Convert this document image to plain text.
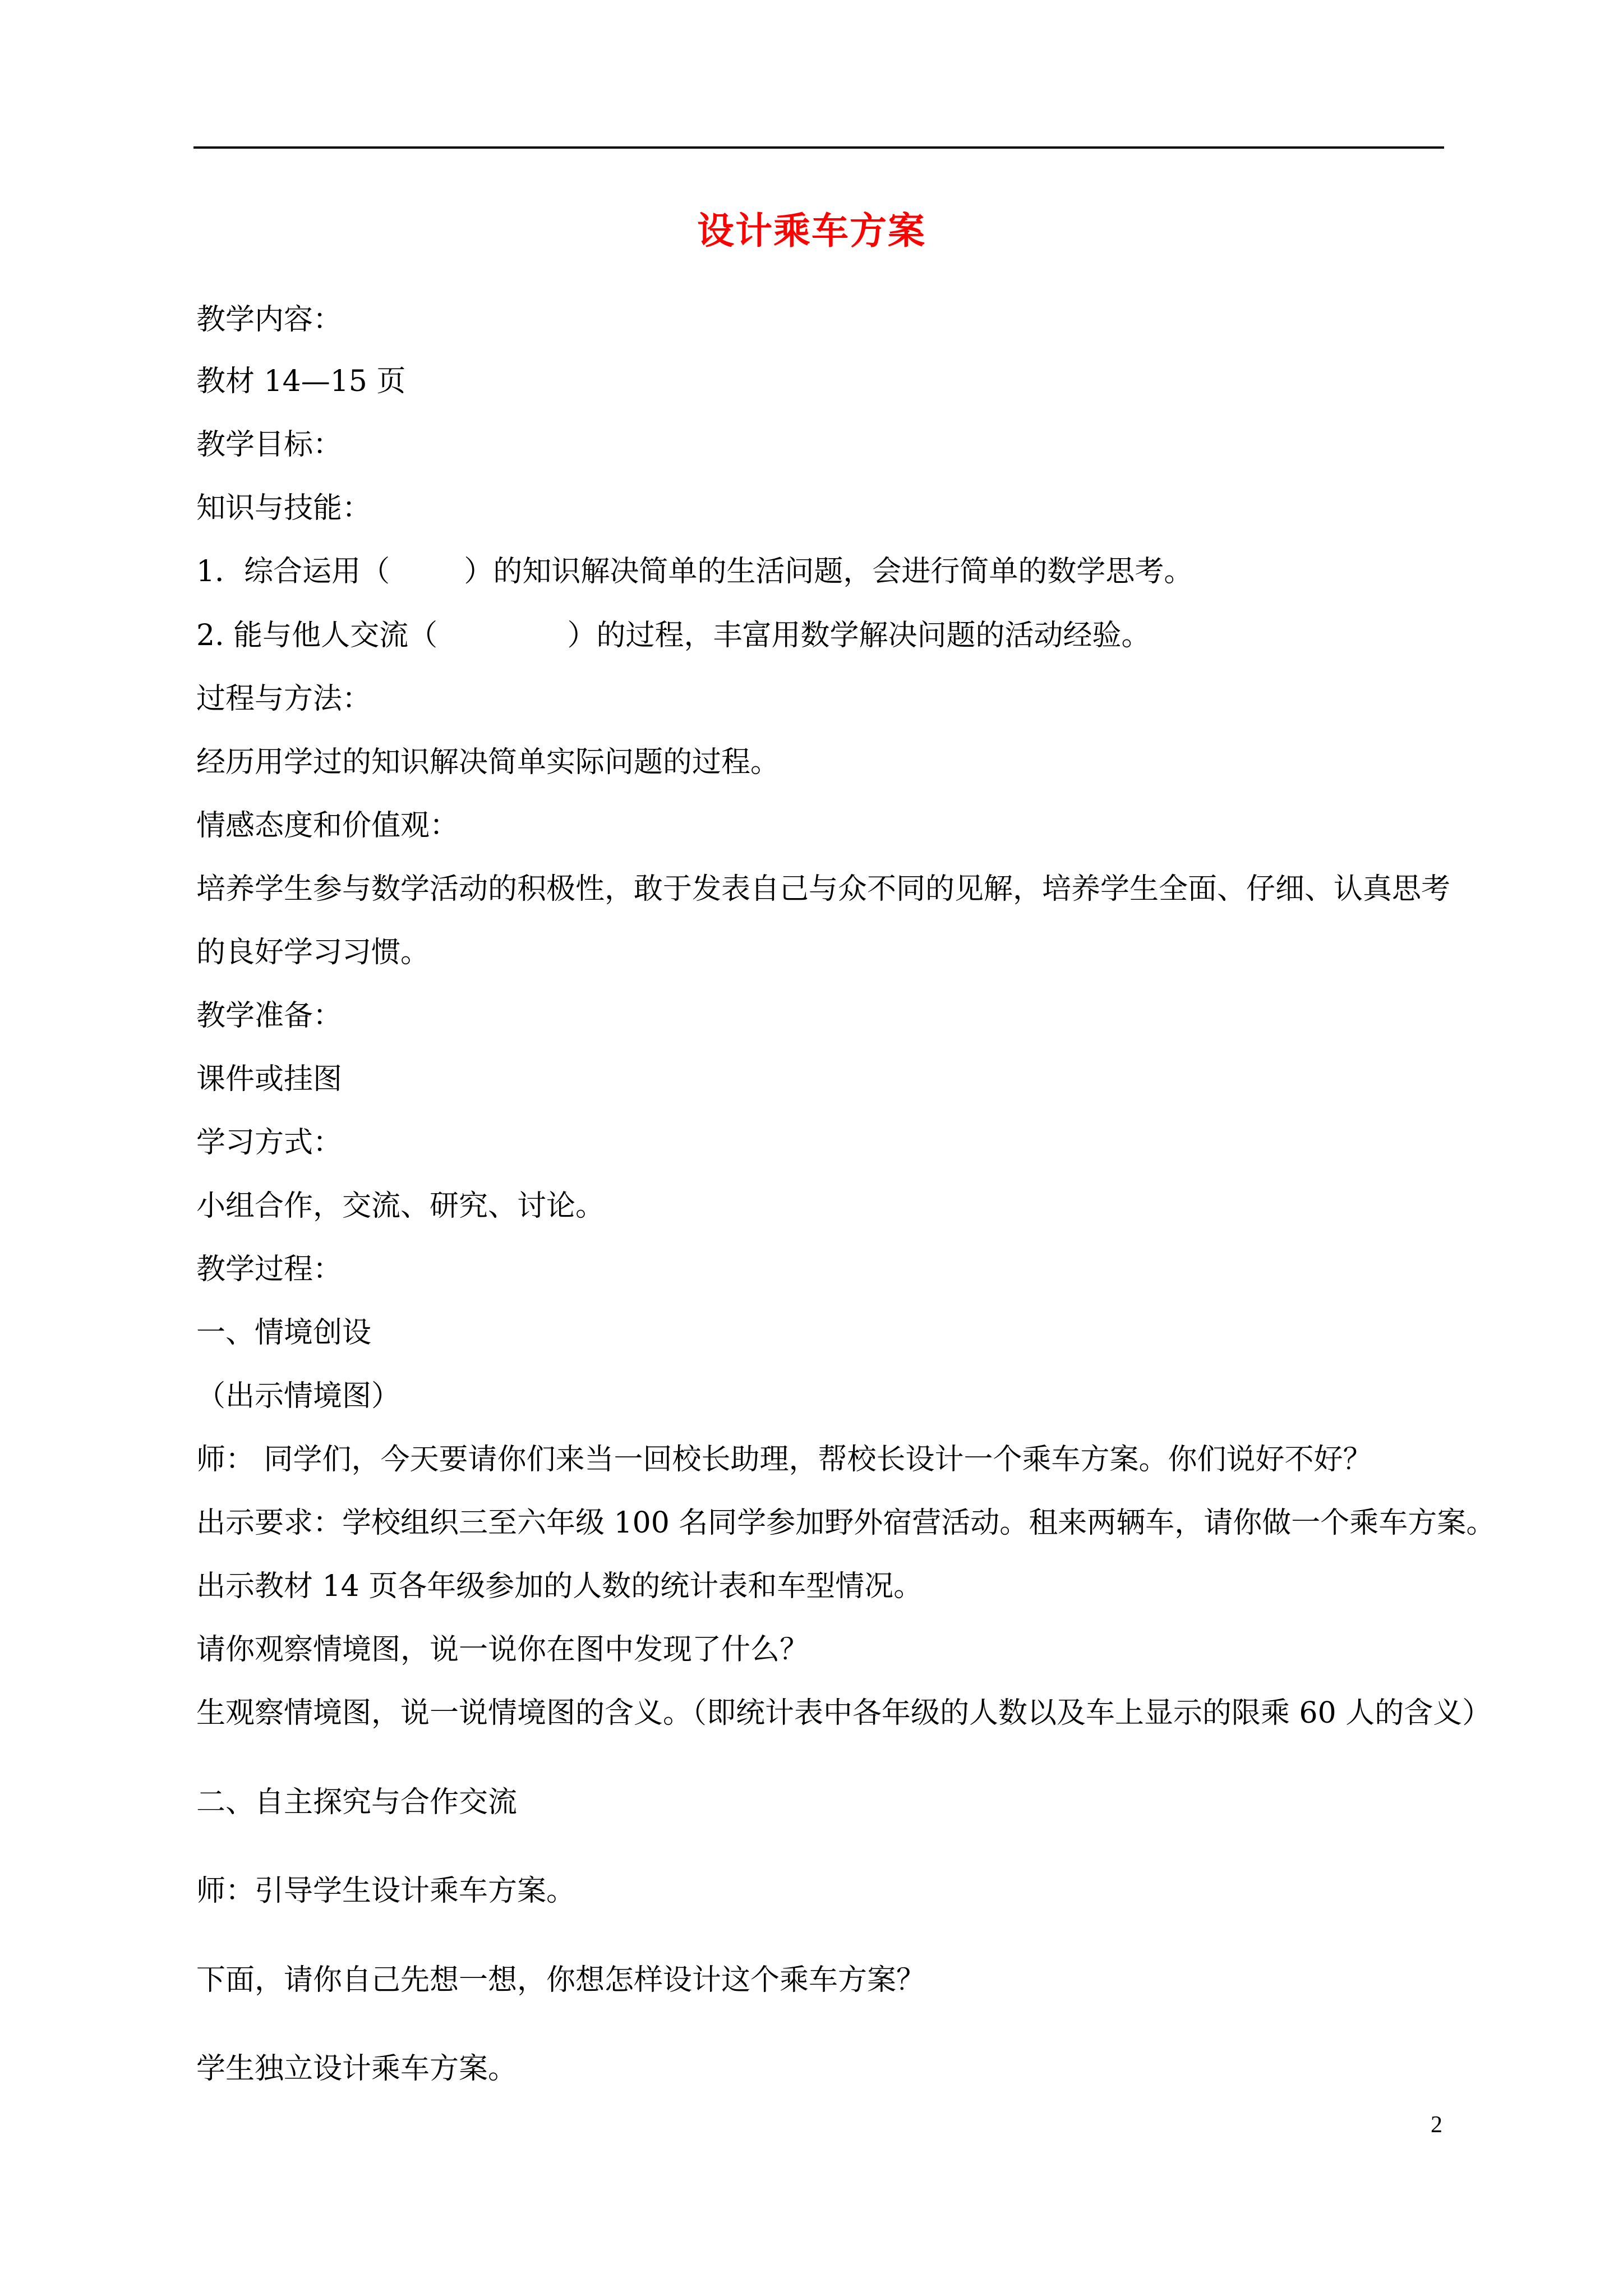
设计乘车方案
教学内容：
教材 14—15 页
教学目标：
知识与技能：
1．综合运用（        ）的知识解决简单的生活问题，会进行简单的数学思考。
2. 能与他人交流（              ）的过程，丰富用数学解决问题的活动经验。
过程与方法：
经历用学过的知识解决简单实际问题的过程。
情感态度和价值观：
培养学生参与数学活动的积极性，敢于发表自己与众不同的见解，培养学生全面、仔细、认真思考
的良好学习习惯。
教学准备：
课件或挂图
学习方式：
小组合作，交流、研究、讨论。
教学过程：
一、情境创设
（出示情境图）
师： 同学们，今天要请你们来当一回校长助理，帮校长设计一个乘车方案。你们说好不好？
出示要求：学校组织三至六年级 100 名同学参加野外宿营活动。租来两辆车，请你做一个乘车方案。
出示教材 14 页各年级参加的人数的统计表和车型情况。
请你观察情境图，说一说你在图中发现了什么？
生观察情境图，说一说情境图的含义。（即统计表中各年级的人数以及车上显示的限乘 60 人的含义）
二、自主探究与合作交流
师：引导学生设计乘车方案。
下面，请你自己先想一想，你想怎样设计这个乘车方案？
学生独立设计乘车方案。
2
